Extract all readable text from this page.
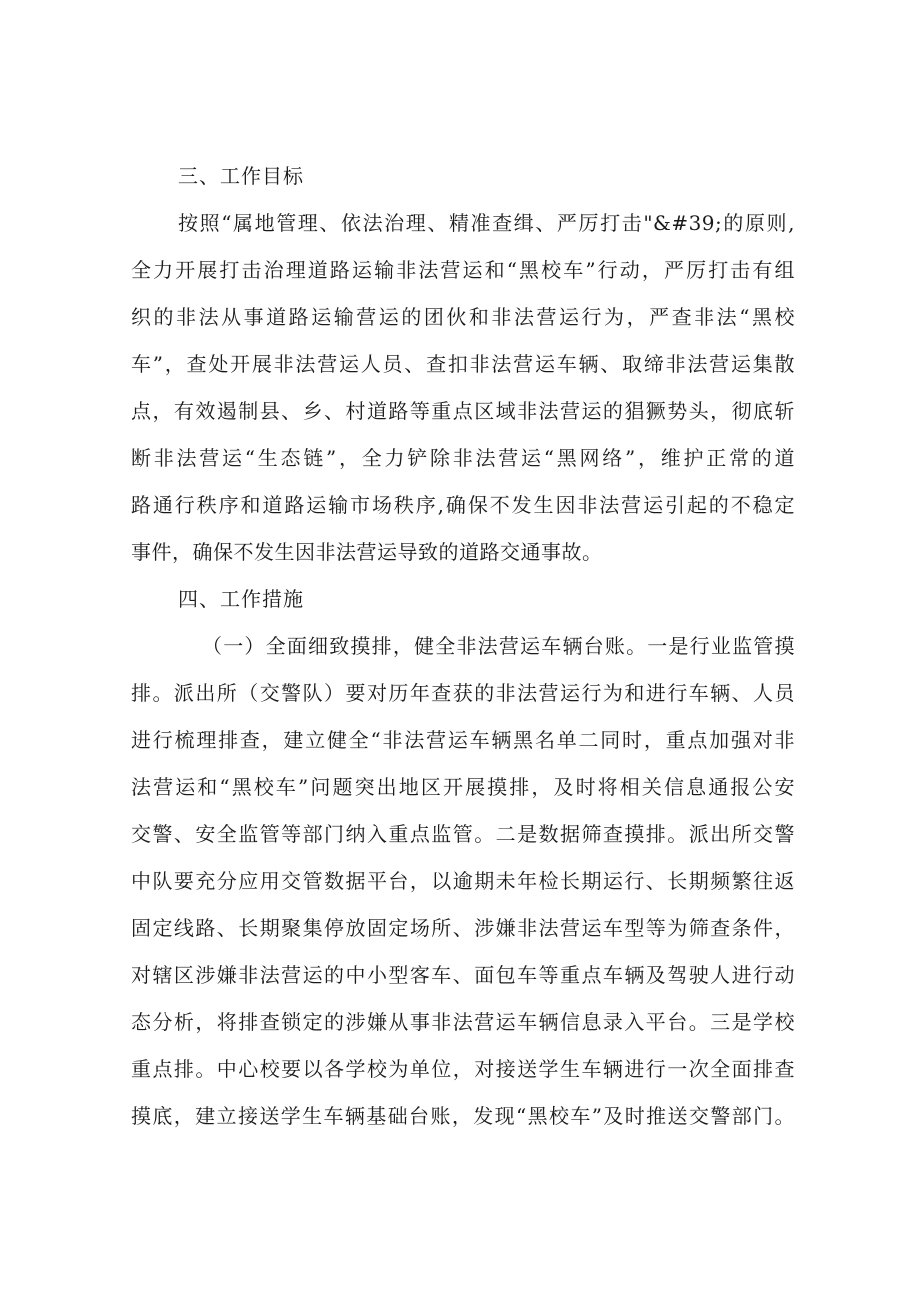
三、工作目标
按照“属地管理、依法治理、精准查缉、严厉打击"&#39;的原则,
全力开展打击治理道路运输非法营运和“黑校车”行动，严厉打击有组
织的非法从事道路运输营运的团伙和非法营运行为，严查非法“黑校
车”，查处开展非法营运人员、查扣非法营运车辆、取缔非法营运集散
点，有效遏制县、乡、村道路等重点区域非法营运的猖獗势头，彻底斩
断非法营运“生态链”，全力铲除非法营运“黑网络”，维护正常的道
路通行秩序和道路运输市场秩序,确保不发生因非法营运引起的不稳定
事件，确保不发生因非法营运导致的道路交通事故。
四、工作措施
（一）全面细致摸排，健全非法营运车辆台账。一是行业监管摸
排。派出所（交警队）要对历年查获的非法营运行为和进行车辆、人员
进行梳理排查，建立健全“非法营运车辆黑名单二同时，重点加强对非
法营运和“黑校车”问题突出地区开展摸排，及时将相关信息通报公安
交警、安全监管等部门纳入重点监管。二是数据筛查摸排。派出所交警
中队要充分应用交管数据平台，以逾期未年检长期运行、长期频繁往返
固定线路、长期聚集停放固定场所、涉嫌非法营运车型等为筛查条件，
对辖区涉嫌非法营运的中小型客车、面包车等重点车辆及驾驶人进行动
态分析，将排查锁定的涉嫌从事非法营运车辆信息录入平台。三是学校
重点排。中心校要以各学校为单位，对接送学生车辆进行一次全面排查
摸底，建立接送学生车辆基础台账，发现“黑校车”及时推送交警部门。
